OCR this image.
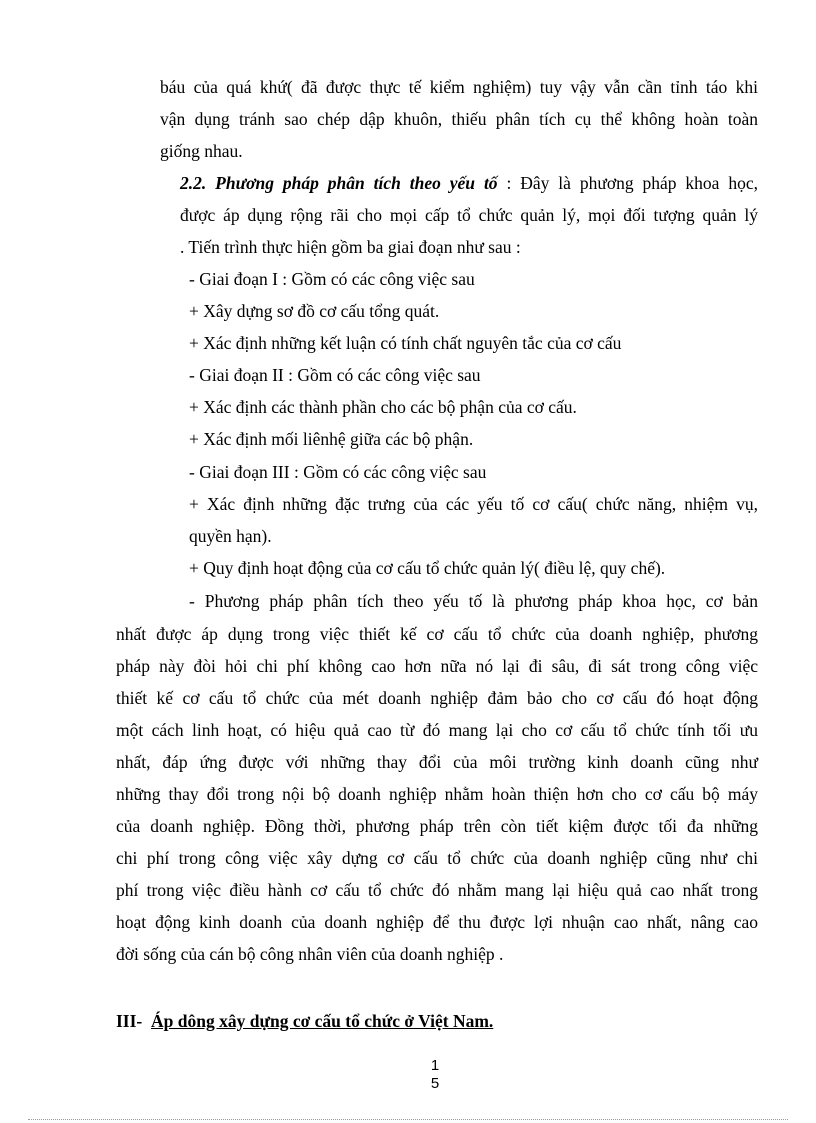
báu của quá khứ( đã được thực tế kiểm nghiệm) tuy vậy vẫn cần tỉnh táo khi
vận dụng tránh sao chép dập khuôn, thiếu phân tích cụ thể không hoàn toàn
giống nhau.
2.2. Phương pháp phân tích theo yếu tố : Đây là phương pháp khoa học,
được áp dụng rộng rãi cho mọi cấp tổ chức quản lý, mọi đối tượng quản lý
. Tiến trình thực hiện gồm ba giai đoạn như sau :
- Giai đoạn I : Gồm có các công việc sau
+ Xây dựng sơ đồ cơ cấu tổng quát.
+ Xác định những kết luận có tính chất nguyên tắc của cơ cấu
- Giai đoạn II : Gồm có các công việc sau
+ Xác định các thành phần cho các bộ phận của cơ cấu.
+ Xác định mối liênhệ giữa các bộ phận.
- Giai đoạn III : Gồm có các công việc sau
+ Xác định những đặc trưng của các yếu tố cơ cấu( chức năng, nhiệm vụ,
quyền hạn).
+ Quy định hoạt động của cơ cấu tổ chức quản lý( điều lệ, quy chế).
- Phương pháp phân tích theo yếu tố là phương pháp khoa học, cơ bản
nhất được áp dụng trong việc thiết kế cơ cấu tổ chức của doanh nghiệp, phương
pháp này đòi hỏi chi phí không cao hơn nữa nó lại đi sâu, đi sát trong công việc
thiết kế cơ cấu tổ chức của mét doanh nghiệp đảm bảo cho cơ cấu đó hoạt động
một cách linh hoạt, có hiệu quả cao từ đó mang lại cho cơ cấu tổ chức tính tối ưu
nhất, đáp ứng được với những thay đổi của môi trường kinh doanh cũng như
những thay đổi trong nội bộ doanh nghiệp nhằm hoàn thiện hơn cho cơ cấu bộ máy
của doanh nghiệp. Đồng thời, phương pháp trên còn tiết kiệm được tối đa những
chi phí trong công việc xây dựng cơ cấu tổ chức của doanh nghiệp cũng như chi
phí trong việc điều hành cơ cấu tổ chức đó nhằm mang lại hiệu quả cao nhất trong
hoạt động kinh doanh của doanh nghiệp để thu được lợi nhuận cao nhất, nâng cao
đời sống của cán bộ công nhân viên của doanh nghiệp .
III- Áp dông xây dựng cơ cấu tổ chức ở Việt Nam.
1
5
